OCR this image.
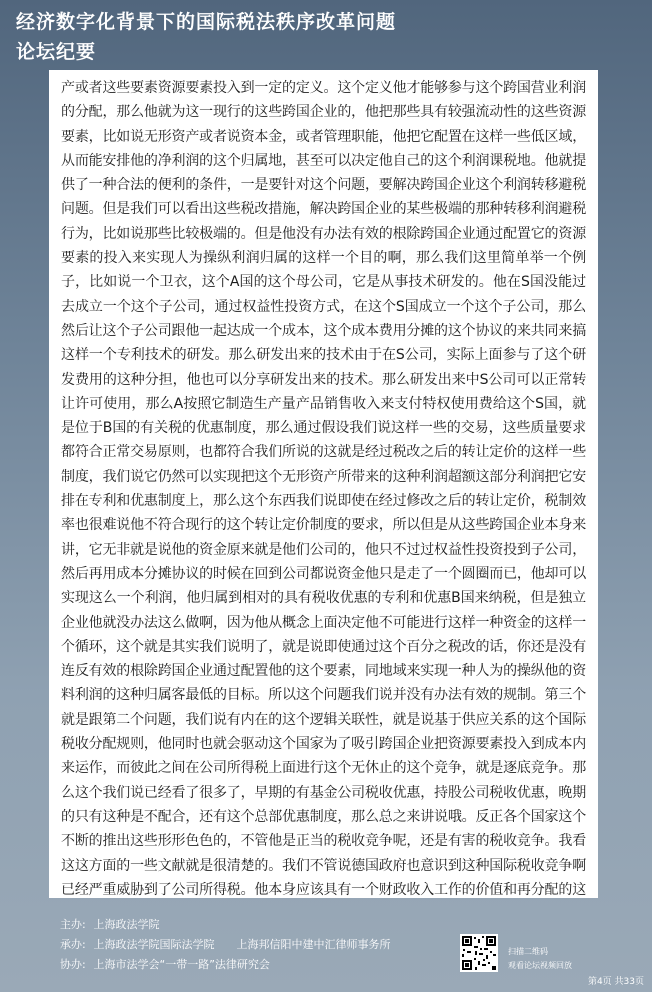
经济数字化背景下的国际税法秩序改革问题
论坛纪要
产或者这些要素资源要素投入到一定的定义。这个定义他才能够参与这个跨国营业利润的分配，那么他就为这一现行的这些跨国企业的，他把那些具有较强流动性的这些资源要素，比如说无形资产或者说资本金，或者管理职能，他把它配置在这样一些低区域，从而能安排他的净利润的这个归属地，甚至可以决定他自己的这个利润课税地。他就提供了一种合法的便利的条件，一是要针对这个问题，要解决跨国企业这个利润转移避税问题。但是我们可以看出这些税改措施，解决跨国企业的某些极端的那种转移利润避税行为，比如说那些比较极端的。但是他没有办法有效的根除跨国企业通过配置它的资源要素的投入来实现人为操纵利润归属的这样一个目的啊，那么我们这里简单举一个例子，比如说一个卫衣，这个A国的这个母公司，它是从事技术研发的。他在S国没能过去成立一个这个子公司，通过权益性投资方式，在这个S国成立一个这个子公司，那么然后让这个子公司跟他一起达成一个成本，这个成本费用分摊的这个协议的来共同来搞这样一个专利技术的研发。那么研发出来的技术由于在S公司，实际上面参与了这个研发费用的这种分担，他也可以分享研发出来的技术。那么研发出来中S公司可以正常转让许可使用，那么A按照它制造生产量产品销售收入来支付特权使用费给这个S国，就是位于B国的有关税的优惠制度，那么通过假设我们说这样一些的交易，这些质量要求都符合正常交易原则，也都符合我们所说的这就是经过税改之后的转让定价的这样一些制度，我们说它仍然可以实现把这个无形资产所带来的这种利润超额这部分利润把它安排在专利和优惠制度上，那么这个东西我们说即使在经过修改之后的转让定价，税制效率也很难说他不符合现行的这个转让定价制度的要求，所以但是从这些跨国企业本身来讲，它无非就是说他的资金原来就是他们公司的，他只不过过权益性投资投到子公司，然后再用成本分摊协议的时候在回到公司都说资金他只是走了一个圆圈而已，他却可以实现这么一个利润，他归属到相对的具有税收优惠的专利和优惠B国来纳税，但是独立企业他就没办法这么做啊，因为他从概念上面决定他不可能进行这样一种资金的这样一个循环，这个就是其实我们说明了，就是说即使通过这个百分之税改的话，你还是没有连反有效的根除跨国企业通过配置他的这个要素，同地域来实现一种人为的操纵他的资料利润的这种归属客最低的目标。所以这个问题我们说并没有办法有效的规制。第三个就是跟第二个问题，我们说有内在的这个逻辑关联性，就是说基于供应关系的这个国际税收分配规则，他同时也就会驱动这个国家为了吸引跨国企业把资源要素投入到成本内来运作，而彼此之间在公司所得税上面进行这个无休止的这个竞争，就是逐底竞争。那么这个我们说已经看了很多了，早期的有基金公司税收优惠，持股公司税收优惠，晚期的只有这种是不配合，还有这个总部优惠制度，那么总之来讲说哦。反正各个国家这个不断的推出这些形形色色的，不管他是正当的税收竞争呢，还是有害的税收竞争。我看这这方面的一些文献就是很清楚的。我们不管说德国政府也意识到这种国际税收竞争啊已经严重威胁到了公司所得税。他本身应该具有一个财政收入工作的价值和再分配的这
主办: 上海政法学院
承办: 上海政法学院国际法学院 上海邦信阳中建中汇律师事务所
协办: 上海市法学会“一带一路”法律研究会
扫描二维码
观看论坛视频回放
第4页 共33页
